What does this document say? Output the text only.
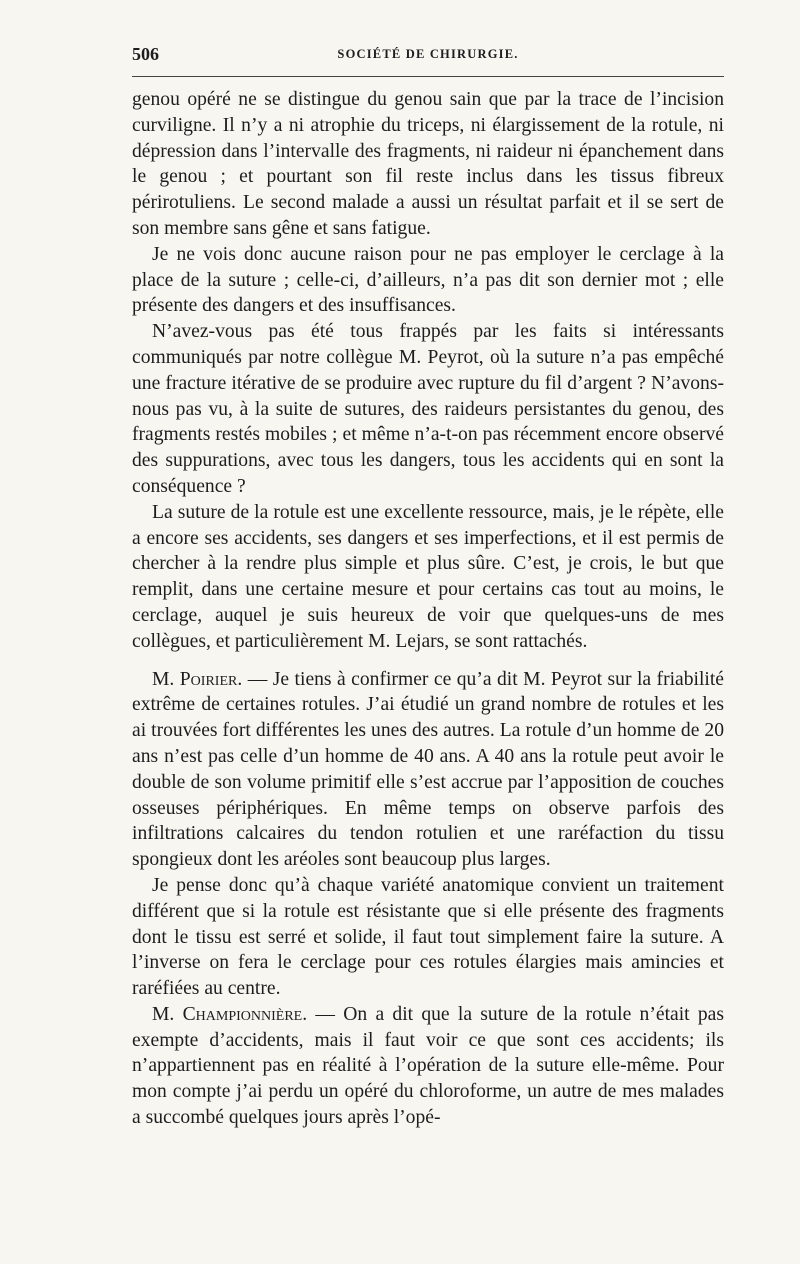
506	SOCIÉTÉ DE CHIRURGIE.

genou opéré ne se distingue du genou sain que par la trace de l’incision curviligne. Il n’y a ni atrophie du triceps, ni élargissement de la rotule, ni dépression dans l’intervalle des fragments, ni raideur ni épanchement dans le genou ; et pourtant son fil reste inclus dans les tissus fibreux périrotuliens. Le second malade a aussi un résultat parfait et il se sert de son membre sans gêne et sans fatigue.

Je ne vois donc aucune raison pour ne pas employer le cerclage à la place de la suture ; celle-ci, d’ailleurs, n’a pas dit son dernier mot ; elle présente des dangers et des insuffisances.

N’avez-vous pas été tous frappés par les faits si intéressants communiqués par notre collègue M. Peyrot, où la suture n’a pas empêché une fracture itérative de se produire avec rupture du fil d’argent ? N’avons-nous pas vu, à la suite de sutures, des raideurs persistantes du genou, des fragments restés mobiles ; et même n’a-t-on pas récemment encore observé des suppurations, avec tous les dangers, tous les accidents qui en sont la conséquence ?

La suture de la rotule est une excellente ressource, mais, je le répète, elle a encore ses accidents, ses dangers et ses imperfections, et il est permis de chercher à la rendre plus simple et plus sûre. C’est, je crois, le but que remplit, dans une certaine mesure et pour certains cas tout au moins, le cerclage, auquel je suis heureux de voir que quelques-uns de mes collègues, et particulièrement M. Lejars, se sont rattachés.

M. Poirier. — Je tiens à confirmer ce qu’a dit M. Peyrot sur la friabilité extrême de certaines rotules. J’ai étudié un grand nombre de rotules et les ai trouvées fort différentes les unes des autres. La rotule d’un homme de 20 ans n’est pas celle d’un homme de 40 ans. A 40 ans la rotule peut avoir le double de son volume primitif elle s’est accrue par l’apposition de couches osseuses périphériques. En même temps on observe parfois des infiltrations calcaires du tendon rotulien et une raréfaction du tissu spongieux dont les aréoles sont beaucoup plus larges.

Je pense donc qu’à chaque variété anatomique convient un traitement différent que si la rotule est résistante que si elle présente des fragments dont le tissu est serré et solide, il faut tout simplement faire la suture. A l’inverse on fera le cerclage pour ces rotules élargies mais amincies et raréfiées au centre.

M. Championnière. — On a dit que la suture de la rotule n’était pas exempte d’accidents, mais il faut voir ce que sont ces accidents; ils n’appartiennent pas en réalité à l’opération de la suture elle-même. Pour mon compte j’ai perdu un opéré du chloroforme, un autre de mes malades a succombé quelques jours après l’opé-
